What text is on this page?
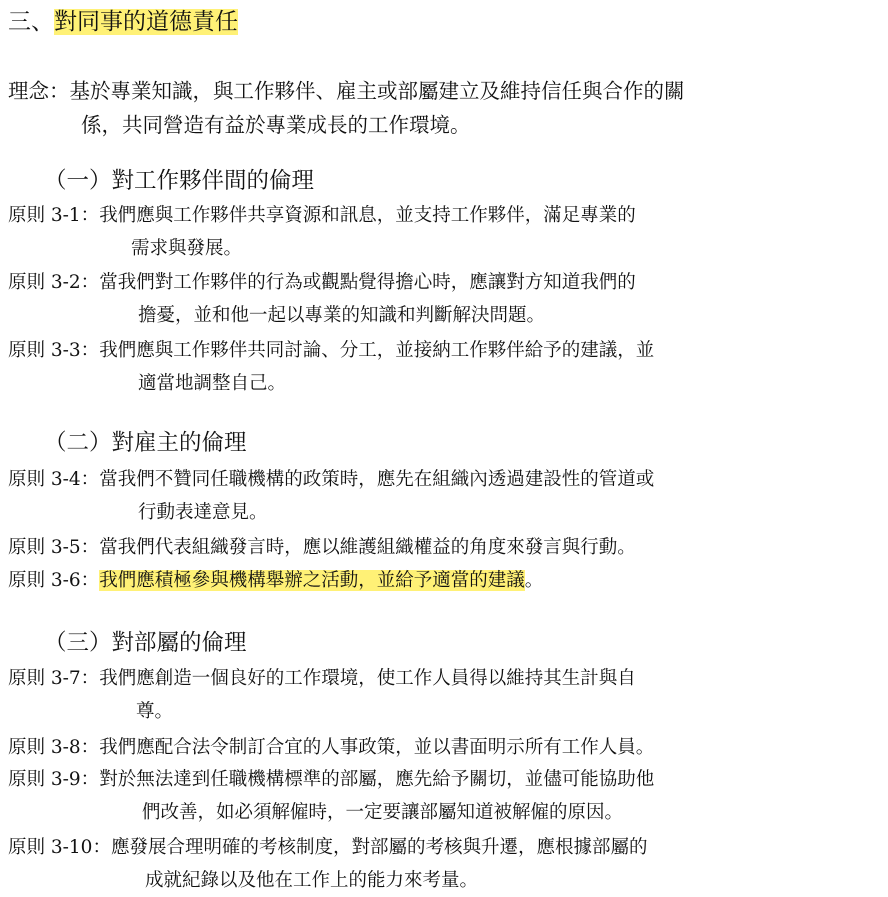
三、對同事的道德責任
理念：基於專業知識，與工作夥伴、雇主或部屬建立及維持信任與合作的關
係，共同營造有益於專業成長的工作環境。
（一）對工作夥伴間的倫理
原則 3-1： 我們應與工作夥伴共享資源和訊息，並支持工作夥伴，滿足專業的
需求與發展。
原則 3-2： 當我們對工作夥伴的行為或觀點覺得擔心時，應讓對方知道我們的
擔憂，並和他一起以專業的知識和判斷解決問題。
原則 3-3： 我們應與工作夥伴共同討論、分工，並接納工作夥伴給予的建議，並
適當地調整自己。
（二）對雇主的倫理
原則 3-4： 當我們不贊同任職機構的政策時，應先在組織內透過建設性的管道或
行動表達意見。
原則 3-5： 當我們代表組織發言時，應以維護組織權益的角度來發言與行動。
原則 3-6： 我們應積極參與機構舉辦之活動，並給予適當的建議。
（三）對部屬的倫理
原則 3-7： 我們應創造一個良好的工作環境，使工作人員得以維持其生計與自
尊。
原則 3-8： 我們應配合法令制訂合宜的人事政策，並以書面明示所有工作人員。
原則 3-9： 對於無法達到任職機構標準的部屬，應先給予關切，並儘可能協助他
們改善，如必須解僱時，一定要讓部屬知道被解僱的原因。
原則 3-10： 應發展合理明確的考核制度，對部屬的考核與升遷，應根據部屬的
成就紀錄以及他在工作上的能力來考量。
